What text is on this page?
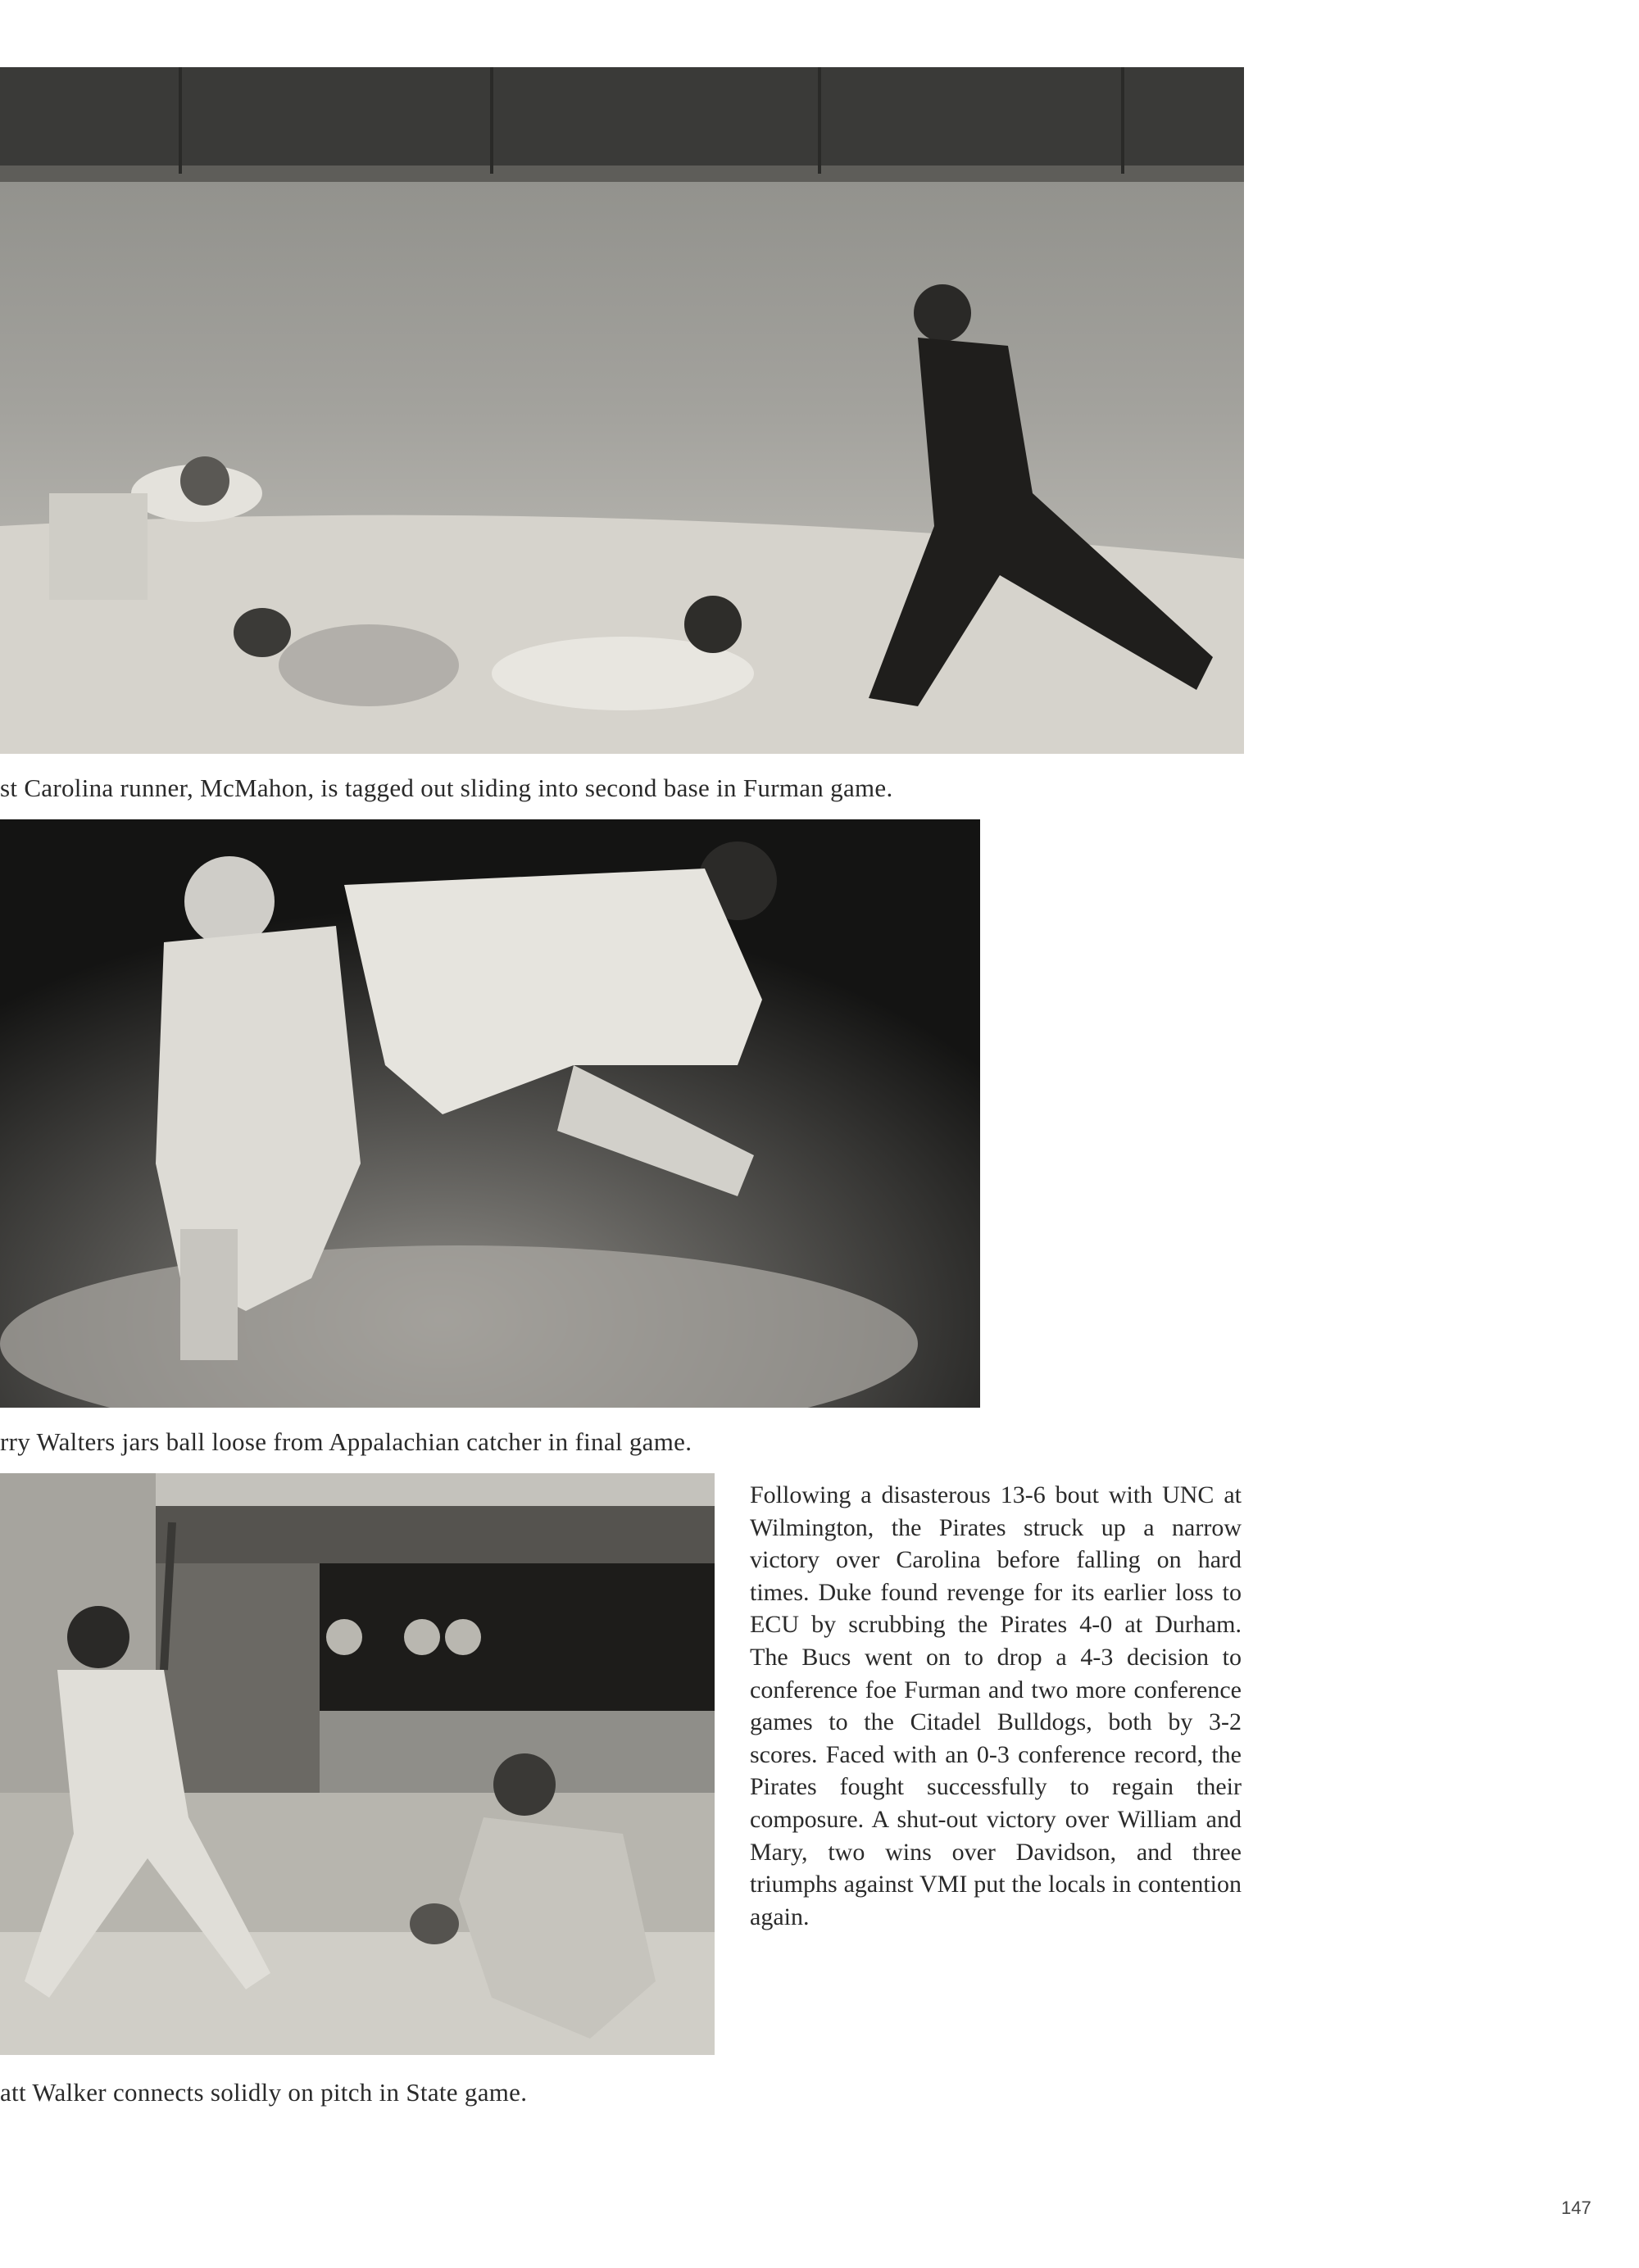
st Carolina runner, McMahon, is tagged out sliding into second base in Furman game.

rry Walters jars ball loose from Appalachian catcher in final game.

att Walker connects solidly on pitch in State game.

Following a disasterous 13-6 bout with UNC at Wilmington, the Pirates struck up a narrow victory over Carolina before falling on hard times. Duke found revenge for its earlier loss to ECU by scrubbing the Pirates 4-0 at Durham. The Bucs went on to drop a 4-3 decision to conference foe Furman and two more conference games to the Citadel Bulldogs, both by 3-2 scores. Faced with an 0-3 conference record, the Pirates fought successfully to regain their composure. A shut-out victory over William and Mary, two wins over Davidson, and three triumphs against VMI put the locals in contention again.

147
